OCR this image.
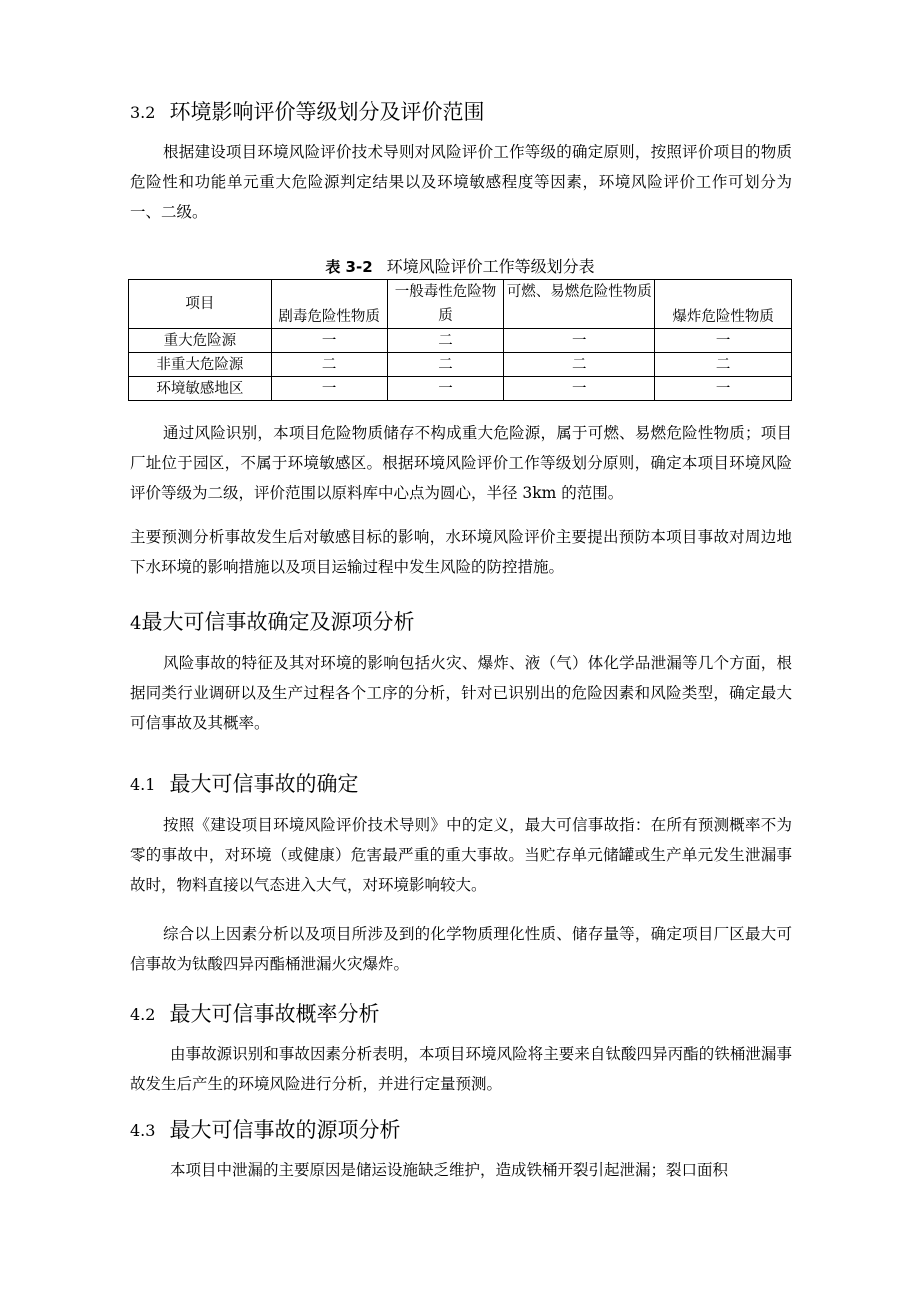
3.2 环境影响评价等级划分及评价范围

根据建设项目环境风险评价技术导则对风险评价工作等级的确定原则，按照评价项目的物质危险性和功能单元重大危险源判定结果以及环境敏感程度等因素，环境风险评价工作可划分为一、二级。

表 3-2 环境风险评价工作等级划分表
项目	剧毒危险性物质	一般毒性危险物质	可燃、易燃危险性物质	爆炸危险性物质
重大危险源	一	二	一	一
非重大危险源	二	二	二	二
环境敏感地区	一	一	一	一

通过风险识别，本项目危险物质储存不构成重大危险源，属于可燃、易燃危险性物质；项目厂址位于园区，不属于环境敏感区。根据环境风险评价工作等级划分原则，确定本项目环境风险评价等级为二级，评价范围以原料库中心点为圆心，半径 3km 的范围。

主要预测分析事故发生后对敏感目标的影响，水环境风险评价主要提出预防本项目事故对周边地下水环境的影响措施以及项目运输过程中发生风险的防控措施。

4最大可信事故确定及源项分析

风险事故的特征及其对环境的影响包括火灾、爆炸、液（气）体化学品泄漏等几个方面，根据同类行业调研以及生产过程各个工序的分析，针对已识别出的危险因素和风险类型，确定最大可信事故及其概率。

4.1 最大可信事故的确定

按照《建设项目环境风险评价技术导则》中的定义，最大可信事故指：在所有预测概率不为零的事故中，对环境（或健康）危害最严重的重大事故。当贮存单元储罐或生产单元发生泄漏事故时，物料直接以气态进入大气，对环境影响较大。

综合以上因素分析以及项目所涉及到的化学物质理化性质、储存量等，确定项目厂区最大可信事故为钛酸四异丙酯桶泄漏火灾爆炸。

4.2 最大可信事故概率分析

由事故源识别和事故因素分析表明，本项目环境风险将主要来自钛酸四异丙酯的铁桶泄漏事故发生后产生的环境风险进行分析，并进行定量预测。

4.3 最大可信事故的源项分析

本项目中泄漏的主要原因是储运设施缺乏维护，造成铁桶开裂引起泄漏；裂口面积
